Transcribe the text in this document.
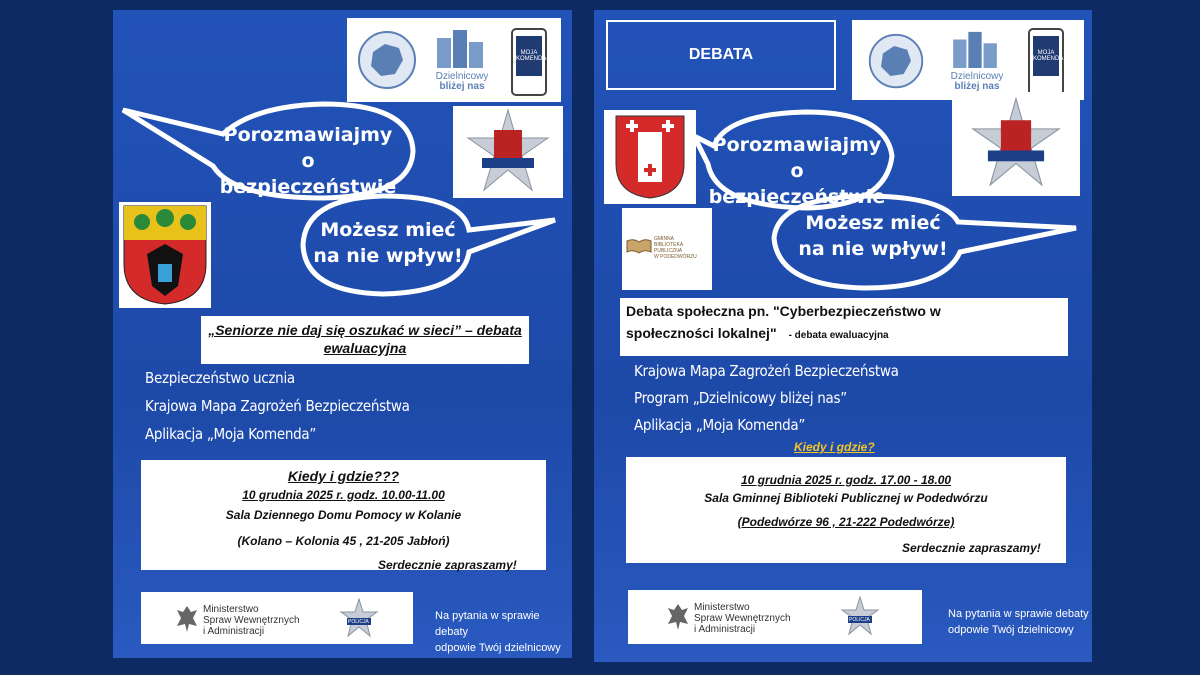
Dzielnicowy
bliżej nas
MOJA
KOMENDA
Porozmawiajmy
o bezpieczeństwie
Możesz mieć
na nie wpływ!
„Seniorze nie daj się oszukać w sieci” – debata ewaluacyjna
Bezpieczeństwo ucznia
Krajowa Mapa Zagrożeń Bezpieczeństwa
Aplikacja „Moja Komenda”
Kiedy i gdzie???
10 grudnia 2025 r. godz. 10.00-11.00
Sala Dziennego Domu Pomocy w Kolanie
(Kolano – Kolonia 45 , 21-205 Jabłoń)
Serdecznie zapraszamy!
Ministerstwo
Spraw Wewnętrznych
i Administracji
POLICJA	Na pytania w sprawie debaty
odpowie Twój dzielnicowy
DEBATA
Dzielnicowy
bliżej nas
MOJA
KOMENDA
GMINNA
BIBLIOTEKA
PUBLICZNA
W PODEDWÓRZU
Porozmawiajmy
o bezpieczeństwie
Możesz mieć
na nie wpływ!
Debata społeczna pn. "Cyberbezpieczeństwo w
społeczności lokalnej" - debata ewaluacyjna
Krajowa Mapa Zagrożeń Bezpieczeństwa
Program „Dzielnicowy bliżej nas”
Aplikacja „Moja Komenda”
Kiedy i gdzie?
10 grudnia 2025 r. godz. 17.00 - 18.00
Sala Gminnej Biblioteki Publicznej w Podedwórzu
(Podedwórze 96 , 21-222 Podedwórze)
Serdecznie zapraszamy!
Ministerstwo
Spraw Wewnętrznych
i Administracji
POLICJA	Na pytania w sprawie debaty
odpowie Twój dzielnicowy
